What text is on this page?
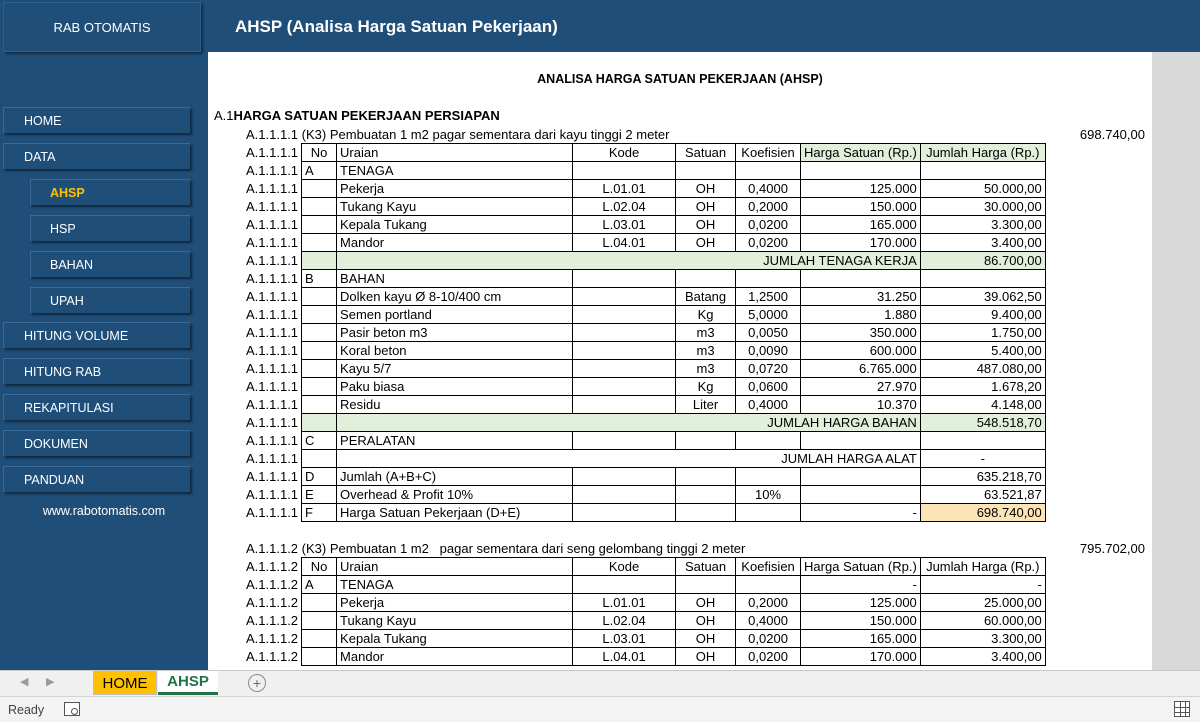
RAB OTOMATIS
HOME
DATA
AHSP
HSP
BAHAN
UPAH
HITUNG VOLUME
HITUNG RAB
REKAPITULASI
DOKUMEN
PANDUAN
www.rabotomatis.com
AHSP (Analisa Harga Satuan Pekerjaan)
ANALISA HARGA SATUAN PEKERJAAN (AHSP)
A.1HARGA SATUAN PEKERJAAN PERSIAPAN
A.1.1.1.1 (K3) Pembuatan 1 m2 pagar sementara dari kayu tinggi 2 meter	698.740,00
A.1.1.1.1	No	Uraian	Kode	Satuan	Koefisien	Harga Satuan (Rp.)	Jumlah Harga (Rp.)
A.1.1.1.1	A	TENAGA					
A.1.1.1.1		Pekerja	L.01.01	OH	0,4000	125.000	50.000,00
A.1.1.1.1		Tukang Kayu	L.02.04	OH	0,2000	150.000	30.000,00
A.1.1.1.1		Kepala Tukang	L.03.01	OH	0,0200	165.000	3.300,00
A.1.1.1.1		Mandor	L.04.01	OH	0,0200	170.000	3.400,00
A.1.1.1.1		JUMLAH TENAGA KERJA					86.700,00
A.1.1.1.1	B	BAHAN					
A.1.1.1.1		Dolken kayu Ø 8-10/400 cm		Batang	1,2500	31.250	39.062,50
A.1.1.1.1		Semen portland		Kg	5,0000	1.880	9.400,00
A.1.1.1.1		Pasir beton m3		m3	0,0050	350.000	1.750,00
A.1.1.1.1		Koral beton		m3	0,0090	600.000	5.400,00
A.1.1.1.1		Kayu 5/7		m3	0,0720	6.765.000	487.080,00
A.1.1.1.1		Paku biasa		Kg	0,0600	27.970	1.678,20
A.1.1.1.1		Residu		Liter	0,4000	10.370	4.148,00
A.1.1.1.1		JUMLAH HARGA BAHAN					548.518,70
A.1.1.1.1	C	PERALATAN					
A.1.1.1.1		JUMLAH HARGA ALAT					-
A.1.1.1.1	D	Jumlah (A+B+C)					635.218,70
A.1.1.1.1	E	Overhead & Profit 10%			10%		63.521,87
A.1.1.1.1	F	Harga Satuan Pekerjaan (D+E)				-	698.740,00
A.1.1.1.2 (K3) Pembuatan 1 m2   pagar sementara dari seng gelombang tinggi 2 meter	795.702,00
A.1.1.1.2	No	Uraian	Kode	Satuan	Koefisien	Harga Satuan (Rp.)	Jumlah Harga (Rp.)
A.1.1.1.2	A	TENAGA				-	-
A.1.1.1.2		Pekerja	L.01.01	OH	0,2000	125.000	25.000,00
A.1.1.1.2		Tukang Kayu	L.02.04	OH	0,4000	150.000	60.000,00
A.1.1.1.2		Kepala Tukang	L.03.01	OH	0,0200	165.000	3.300,00
A.1.1.1.2		Mandor	L.04.01	OH	0,0200	170.000	3.400,00
◀ ▶	HOME	AHSP	+
Ready
